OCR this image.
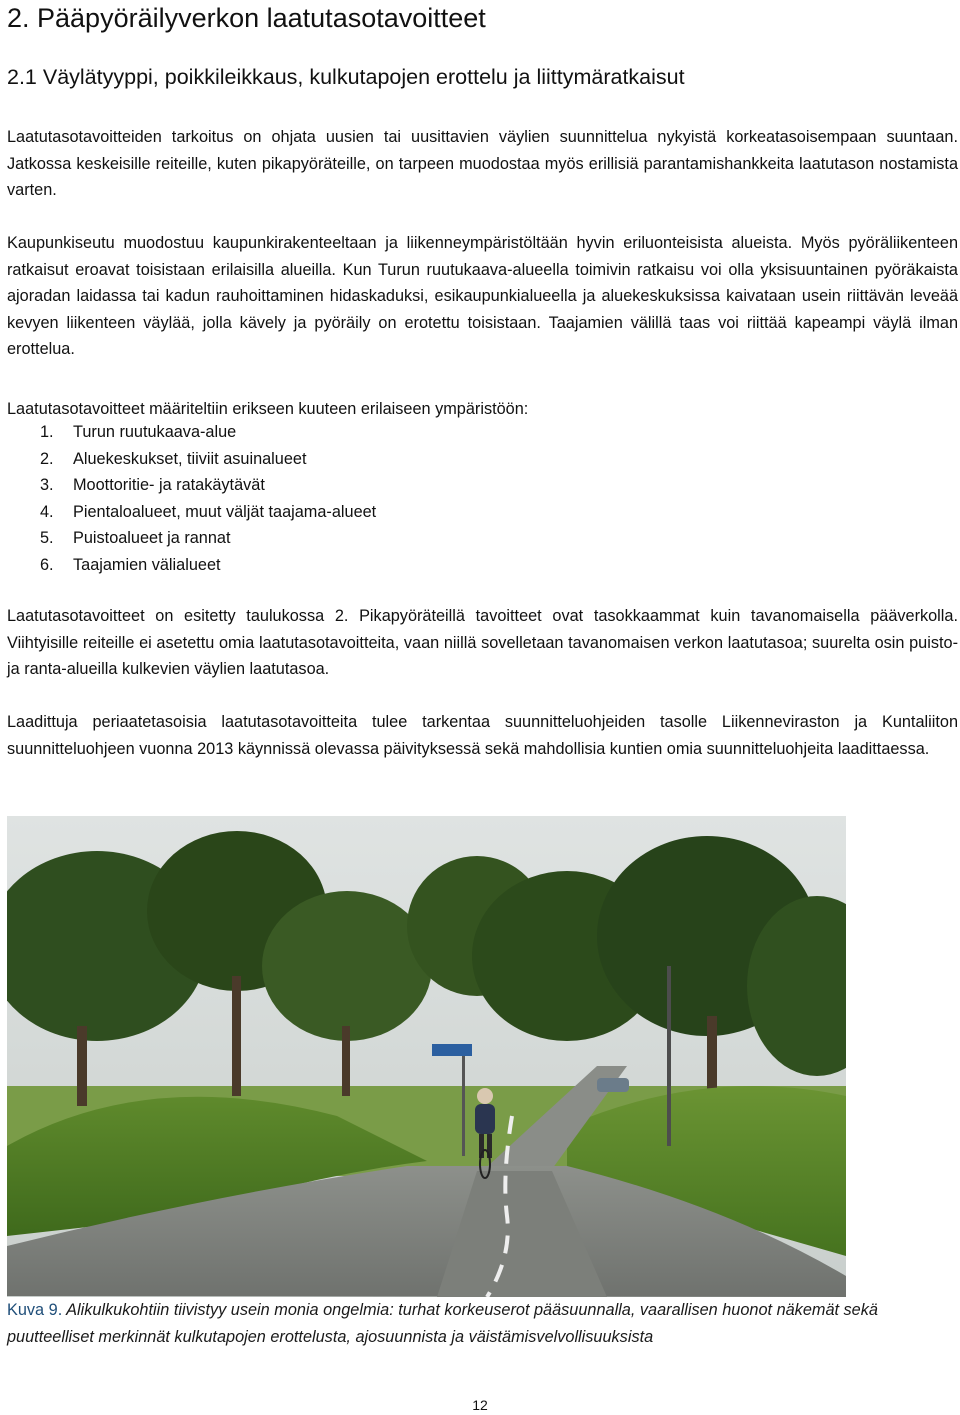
2. Pääpyöräilyverkon laatutasotavoitteet
2.1 Väylätyyppi, poikkileikkaus, kulkutapojen erottelu ja liittymäratkaisut

Laatutasotavoitteiden tarkoitus on ohjata uusien tai uusittavien väylien suunnittelua nykyistä korkeatasoisempaan suuntaan. Jatkossa keskeisille reiteille, kuten pikapyöräteille, on tarpeen muodostaa myös erillisiä parantamishankkeita laatutason nostamista varten.

Kaupunkiseutu muodostuu kaupunkirakenteeltaan ja liikenneympäristöltään hyvin eriluonteisista alueista. Myös pyöräliikenteen ratkaisut eroavat toisistaan erilaisilla alueilla. Kun Turun ruutukaava-alueella toimivin ratkaisu voi olla yksisuuntainen pyöräkaista ajoradan laidassa tai kadun rauhoittaminen hidaskaduksi, esikaupunkialueella ja aluekeskuksissa kaivataan usein riittävän leveää kevyen liikenteen väylää, jolla kävely ja pyöräily on erotettu toisistaan. Taajamien välillä taas voi riittää kapeampi väylä ilman erottelua.

Laatutasotavoitteet määriteltiin erikseen kuuteen erilaiseen ympäristöön:

1. Turun ruutukaava-alue
2. Aluekeskukset, tiiviit asuinalueet
3. Moottoritie- ja ratakäytävät
4. Pientaloalueet, muut väljät taajama-alueet
5. Puistoalueet ja rannat
6. Taajamien välialueet

Laatutasotavoitteet on esitetty taulukossa 2. Pikapyöräteillä tavoitteet ovat tasokkaammat kuin tavanomaisella pääverkolla. Viihtyisille reiteille ei asetettu omia laatutasotavoitteita, vaan niillä sovelletaan tavanomaisen verkon laatutasoa; suurelta osin puisto- ja ranta-alueilla kulkevien väylien laatutasoa.

Laadittuja periaatetasoisia laatutasotavoitteita tulee tarkentaa suunnitteluohjeiden tasolle Liikenneviraston ja Kuntaliiton suunnitteluohjeen vuonna 2013 käynnissä olevassa päivityksessä sekä mahdollisia kuntien omia suunnitteluohjeita laadittaessa.

Kuva 9. Alikulkukohtiin tiivistyy usein monia ongelmia: turhat korkeuserot pääsuunnalla, vaarallisen huonot näkemät sekä puutteelliset merkinnät kulkutapojen erottelusta, ajosuunnista ja väistämisvelvollisuuksista

12
